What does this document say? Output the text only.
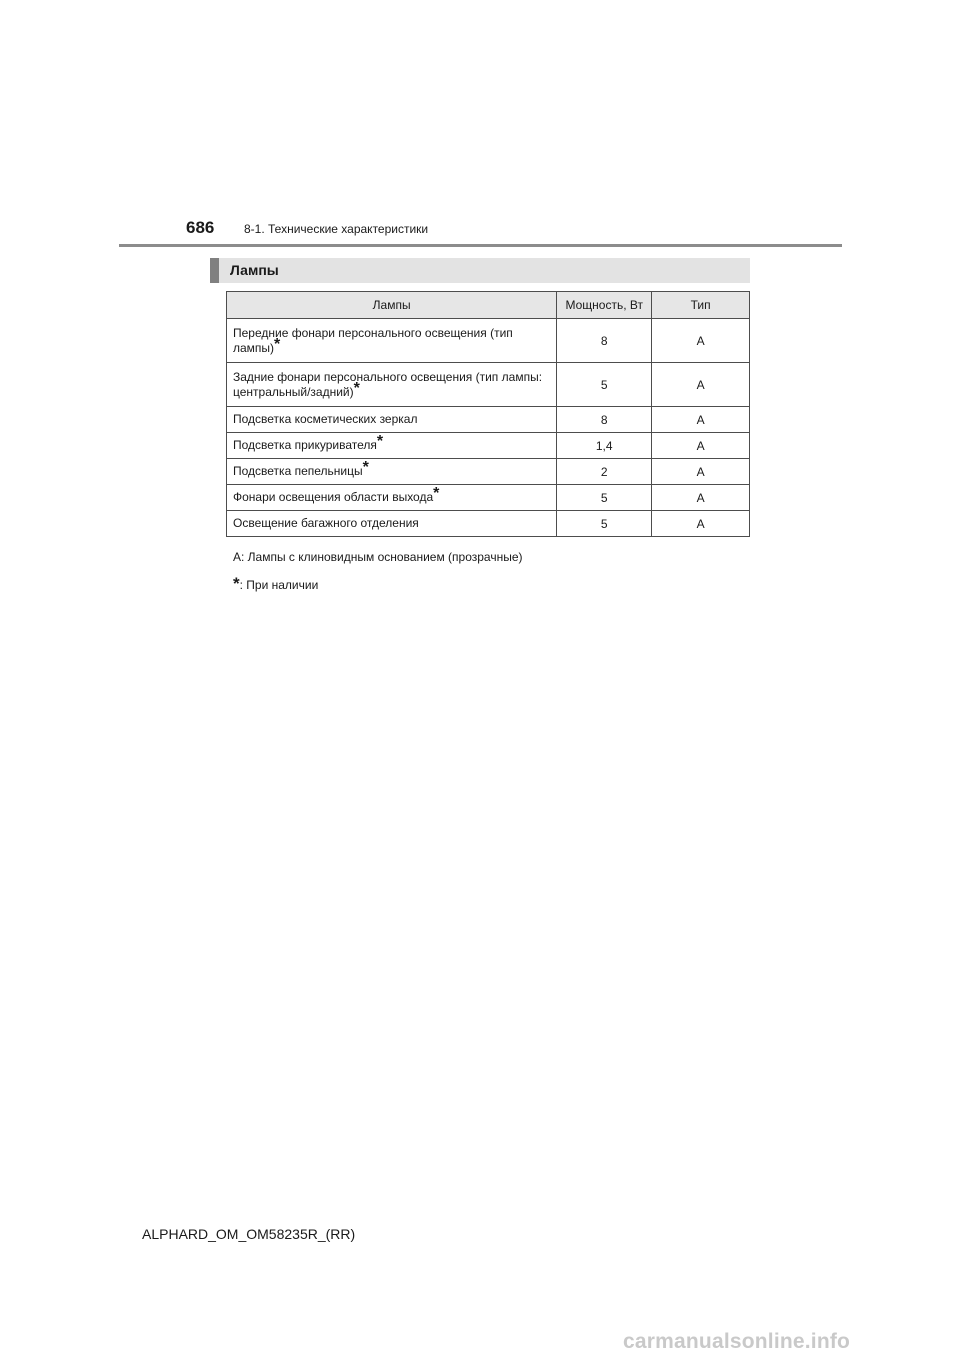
686 8-1. Технические характеристики
Лампы
Лампы	Мощность, Вт	Тип
Передние фонари персонального освещения (тип лампы)*	8	A
Задние фонари персонального освещения (тип лампы: центральный/задний)*	5	A
Подсветка косметических зеркал	8	A
Подсветка прикуривателя*	1,4	A
Подсветка пепельницы*	2	A
Фонари освещения области выхода*	5	A
Освещение багажного отделения	5	A
A: Лампы с клиновидным основанием (прозрачные)
*: При наличии
ALPHARD_OM_OM58235R_(RR)
carmanualsonline.info
